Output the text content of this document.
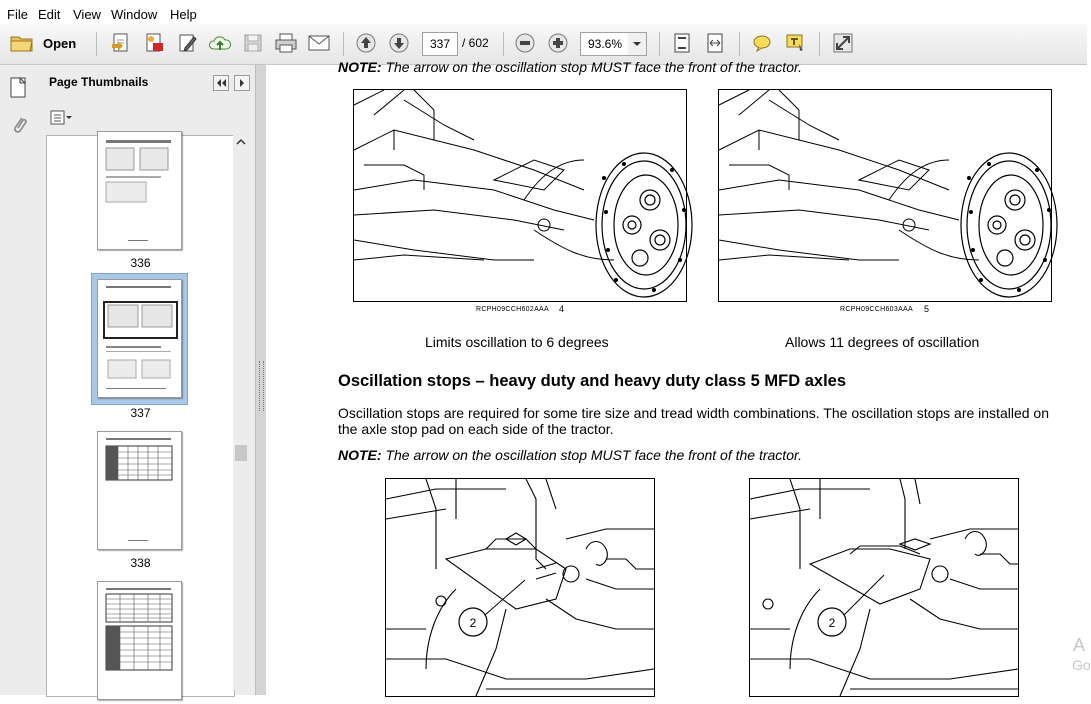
File Edit View Window Help
Open	337 / 602	93.6%
Page Thumbnails
336
337
338
NOTE: The arrow on the oscillation stop MUST face the front of the tractor.
RCPH09CCH602AAA 4	RCPH09CCH603AAA 5
Limits oscillation to 6 degrees	Allows 11 degrees of oscillation
Oscillation stops – heavy duty and heavy duty class 5 MFD axles
Oscillation stops are required for some tire size and tread width combinations. The oscillation stops are installed on
the axle stop pad on each side of the tractor.
NOTE: The arrow on the oscillation stop MUST face the front of the tractor.
2	2
A
Go
